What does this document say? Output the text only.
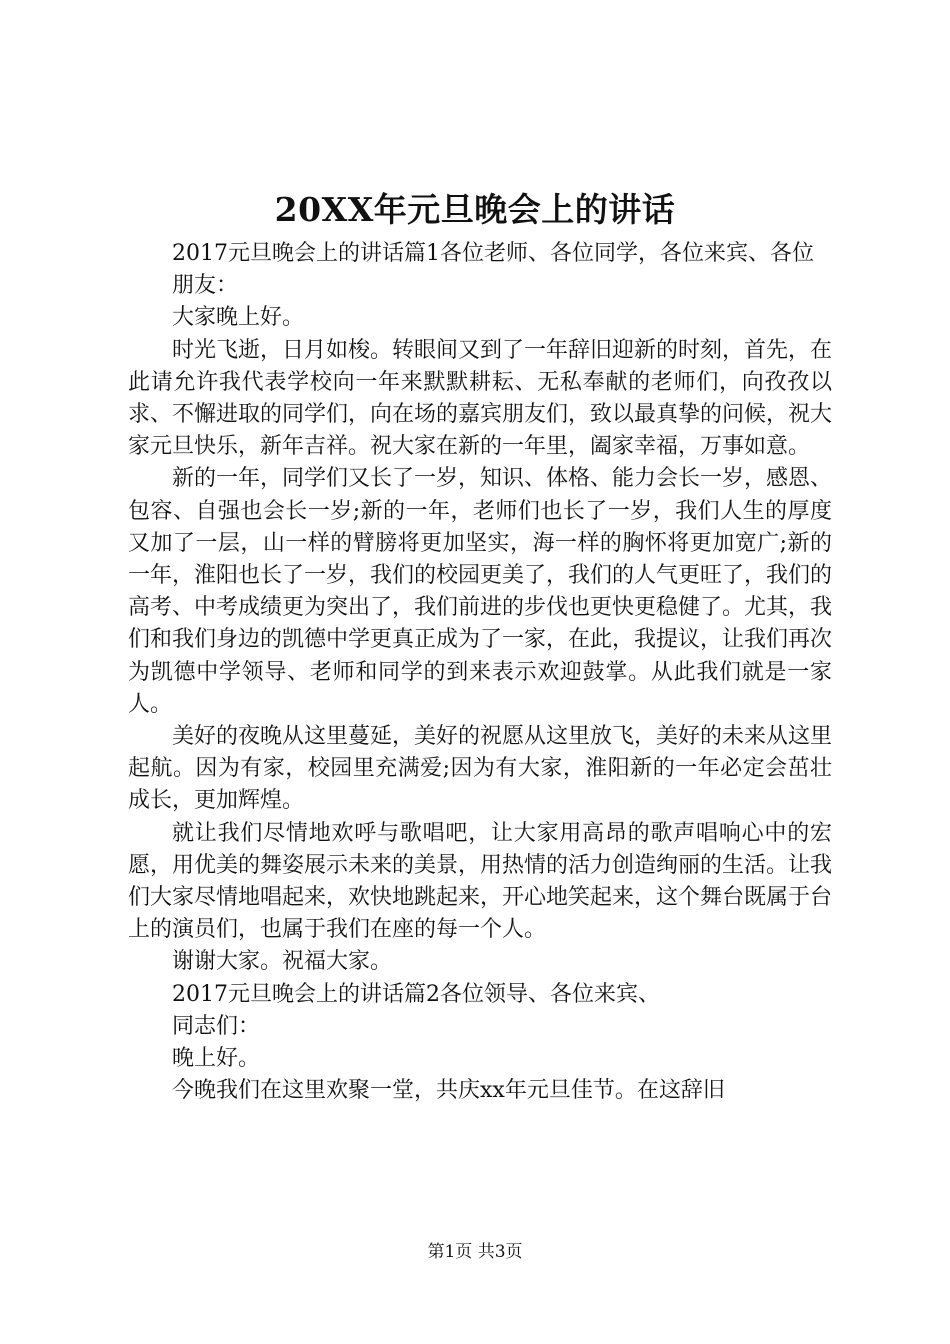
20XX年元旦晚会上的讲话

2017元旦晚会上的讲话篇1各位老师、各位同学，各位来宾、各位

朋友：

大家晚上好。

时光飞逝，日月如梭。转眼间又到了一年辞旧迎新的时刻，首先，在此请允许我代表学校向一年来默默耕耘、无私奉献的老师们，向孜孜以求、不懈进取的同学们，向在场的嘉宾朋友们，致以最真挚的问候，祝大家元旦快乐，新年吉祥。祝大家在新的一年里，阖家幸福，万事如意。

新的一年，同学们又长了一岁，知识、体格、能力会长一岁，感恩、包容、自强也会长一岁;新的一年，老师们也长了一岁，我们人生的厚度又加了一层，山一样的臂膀将更加坚实，海一样的胸怀将更加宽广;新的一年，淮阳也长了一岁，我们的校园更美了，我们的人气更旺了，我们的高考、中考成绩更为突出了，我们前进的步伐也更快更稳健了。尤其，我们和我们身边的凯德中学更真正成为了一家，在此，我提议，让我们再次为凯德中学领导、老师和同学的到来表示欢迎鼓掌。从此我们就是一家人。

美好的夜晚从这里蔓延，美好的祝愿从这里放飞，美好的未来从这里起航。因为有家，校园里充满爱;因为有大家，淮阳新的一年必定会茁壮成长，更加辉煌。

就让我们尽情地欢呼与歌唱吧，让大家用高昂的歌声唱响心中的宏愿，用优美的舞姿展示未来的美景，用热情的活力创造绚丽的生活。让我们大家尽情地唱起来，欢快地跳起来，开心地笑起来，这个舞台既属于台上的演员们，也属于我们在座的每一个人。

谢谢大家。祝福大家。

2017元旦晚会上的讲话篇2各位领导、各位来宾、

同志们：

晚上好。

今晚我们在这里欢聚一堂，共庆xx年元旦佳节。在这辞旧

第1页 共3页
